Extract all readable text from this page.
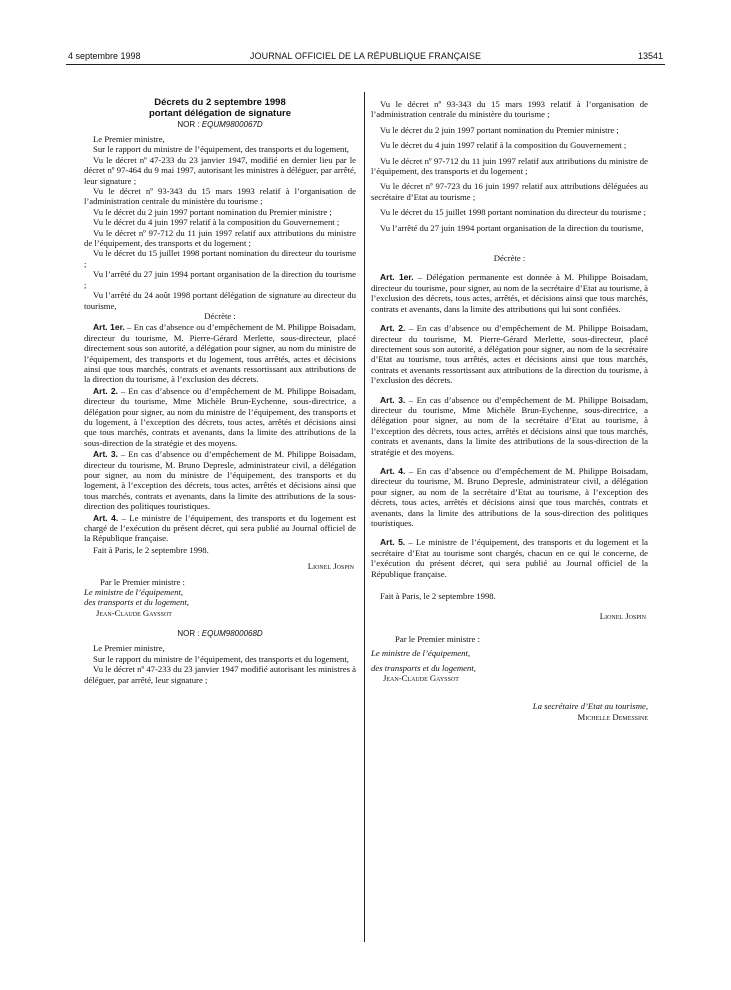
4 septembre 1998	JOURNAL OFFICIEL DE LA RÉPUBLIQUE FRANÇAISE	13541
Décrets du 2 septembre 1998
portant délégation de signature
NOR : EQUM9800067D

Le Premier ministre,

Sur le rapport du ministre de l’équipement, des transports et du logement,

Vu le décret nº 47-233 du 23 janvier 1947, modifié en dernier lieu par le décret nº 97-464 du 9 mai 1997, autorisant les ministres à déléguer, par arrêté, leur signature ;

Vu le décret nº 93-343 du 15 mars 1993 relatif à l’organisation de l’administration centrale du ministère du tourisme ;

Vu le décret du 2 juin 1997 portant nomination du Premier ministre ;

Vu le décret du 4 juin 1997 relatif à la composition du Gouvernement ;

Vu le décret nº 97-712 du 11 juin 1997 relatif aux attributions du ministre de l’équipement, des transports et du logement ;

Vu le décret du 15 juillet 1998 portant nomination du directeur du tourisme ;

Vu l’arrêté du 27 juin 1994 portant organisation de la direction du tourisme ;

Vu l’arrêté du 24 août 1998 portant délégation de signature au directeur du tourisme,

Décrète :

Art. 1er. – En cas d’absence ou d’empêchement de M. Philippe Boisadam, directeur du tourisme, M. Pierre-Gérard Merlette, sous-directeur, placé directement sous son autorité, a délégation pour signer, au nom du ministre de l’équipement, des transports et du logement, tous arrêtés, actes et décisions ainsi que tous marchés, contrats et avenants ressortissant aux attributions de la direction du tourisme, à l’exclusion des décrets.

Art. 2. – En cas d’absence ou d’empêchement de M. Philippe Boisadam, directeur du tourisme, Mme Michèle Brun-Eychenne, sous-directrice, a délégation pour signer, au nom du ministre de l’équipement, des transports et du logement, à l’exception des décrets, tous actes, arrêtés et décisions ainsi que tous marchés, contrats et avenants, dans la limite des attributions de la sous-direction de la stratégie et des moyens.

Art. 3. – En cas d’absence ou d’empêchement de M. Philippe Boisadam, directeur du tourisme, M. Bruno Depresle, administrateur civil, a délégation pour signer, au nom du ministre de l’équipement, des transports et du logement, à l’exception des décrets, tous actes, arrêtés et décisions ainsi que tous marchés, contrats et avenants, dans la limite des attributions de la sous-direction des politiques touristiques.

Art. 4. – Le ministre de l’équipement, des transports et du logement est chargé de l’exécution du présent décret, qui sera publié au Journal officiel de la République française.

Fait à Paris, le 2 septembre 1998.

Lionel Jospin

Par le Premier ministre :

Le ministre de l’équipement,

des transports et du logement,

Jean-Claude Gayssot

NOR : EQUM9800068D

Le Premier ministre,

Sur le rapport du ministre de l’équipement, des transports et du logement,

Vu le décret nº 47-233 du 23 janvier 1947 modifié autorisant les ministres à déléguer, par arrêté, leur signature ;

Vu le décret nº 93-343 du 15 mars 1993 relatif à l’organisation de l’administration centrale du ministère du tourisme ;

Vu le décret du 2 juin 1997 portant nomination du Premier ministre ;

Vu le décret du 4 juin 1997 relatif à la composition du Gouvernement ;

Vu le décret nº 97-712 du 11 juin 1997 relatif aux attributions du ministre de l’équipement, des transports et du logement ;

Vu le décret nº 97-723 du 16 juin 1997 relatif aux attributions déléguées au secrétaire d’Etat au tourisme ;

Vu le décret du 15 juillet 1998 portant nomination du directeur du tourisme ;

Vu l’arrêté du 27 juin 1994 portant organisation de la direction du tourisme,

Décrète :

Art. 1er. – Délégation permanente est donnée à M. Philippe Boisadam, directeur du tourisme, pour signer, au nom de la secrétaire d’Etat au tourisme, à l’exclusion des décrets, tous actes, arrêtés, et décisions ainsi que tous marchés, contrats et avenants, dans la limite des attributions qui lui sont confiées.

Art. 2. – En cas d’absence ou d’empêchement de M. Philippe Boisadam, directeur du tourisme, M. Pierre-Gérard Merlette, sous-directeur, placé directement sous son autorité, a délégation pour signer, au nom de la secrétaire d’Etat au tourisme, tous arrêtés, actes et décisions ainsi que tous marchés, contrats et avenants ressortissant aux attributions de la direction du tourisme, à l’exclusion des décrets.

Art. 3. – En cas d’absence ou d’empêchement de M. Philippe Boisadam, directeur du tourisme, Mme Michèle Brun-Eychenne, sous-directrice, a délégation pour signer, au nom de la secrétaire d’Etat au tourisme, à l’exception des décrets, tous actes, arrêtés et décisions ainsi que tous marchés, contrats et avenants, dans la limite des attributions de la sous-direction de la stratégie et des moyens.

Art. 4. – En cas d’absence ou d’empêchement de M. Philippe Boisadam, directeur du tourisme, M. Bruno Depresle, administrateur civil, a délégation pour signer, au nom de la secrétaire d’Etat au tourisme, à l’exception des décrets, tous actes, arrêtés et décisions ainsi que tous marchés, contrats et avenants, dans la limite des attributions de la sous-direction des politiques touristiques.

Art. 5. – Le ministre de l’équipement, des transports et du logement et la secrétaire d’Etat au tourisme sont chargés, chacun en ce qui le concerne, de l’exécution du présent décret, qui sera publié au Journal officiel de la République française.

Fait à Paris, le 2 septembre 1998.

Lionel Jospin

Par le Premier ministre :

Le ministre de l’équipement,

des transports et du logement,

Jean-Claude Gayssot

La secrétaire d’Etat au tourisme,

Michelle Demessine
